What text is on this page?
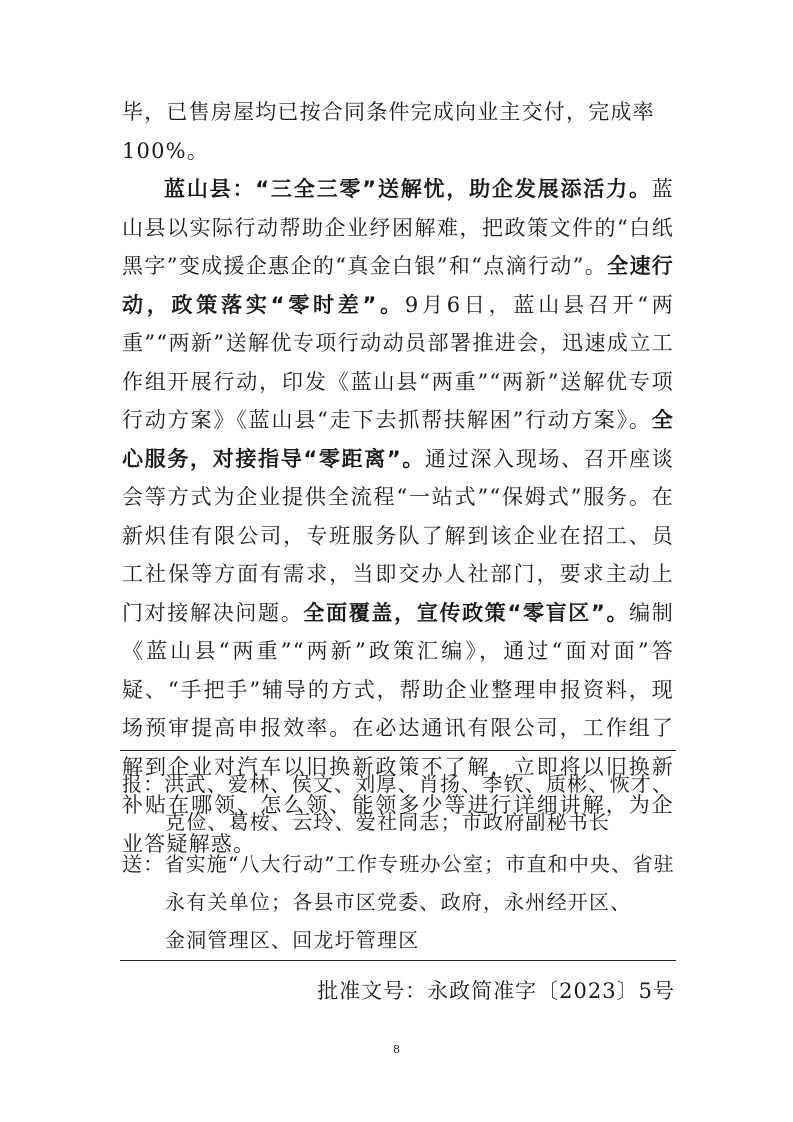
毕，已售房屋均已按合同条件完成向业主交付，完成率
100%。

蓝山县：“三全三零”送解忧，助企发展添活力。蓝山县以实际行动帮助企业纾困解难，把政策文件的“白纸黑字”变成援企惠企的“真金白银”和“点滴行动”。全速行动，政策落实“零时差”。9月6日，蓝山县召开“两重”“两新”送解优专项行动动员部署推进会，迅速成立工作组开展行动，印发《蓝山县“两重”“两新”送解优专项行动方案》《蓝山县“走下去抓帮扶解困”行动方案》。全心服务，对接指导“零距离”。通过深入现场、召开座谈会等方式为企业提供全流程“一站式”“保姆式”服务。在新炽佳有限公司，专班服务队了解到该企业在招工、员工社保等方面有需求，当即交办人社部门，要求主动上门对接解决问题。全面覆盖，宣传政策“零盲区”。编制《蓝山县“两重”“两新”政策汇编》，通过“面对面”答疑、“手把手”辅导的方式，帮助企业整理申报资料，现场预审提高申报效率。在必达通讯有限公司，工作组了解到企业对汽车以旧换新政策不了解，立即将以旧换新补贴在哪领、怎么领、能领多少等进行详细讲解，为企业答疑解惑。

报：洪武、爱林、侯文、刘厚、肖扬、李钦、质彬、恢才、

克俭、葛桉、云玲、爱社同志；市政府副秘书长

送：省实施“八大行动”工作专班办公室；市直和中央、省驻

永有关单位；各县市区党委、政府，永州经开区、

金洞管理区、回龙圩管理区

批准文号：永政简准字〔2023〕5号
8
